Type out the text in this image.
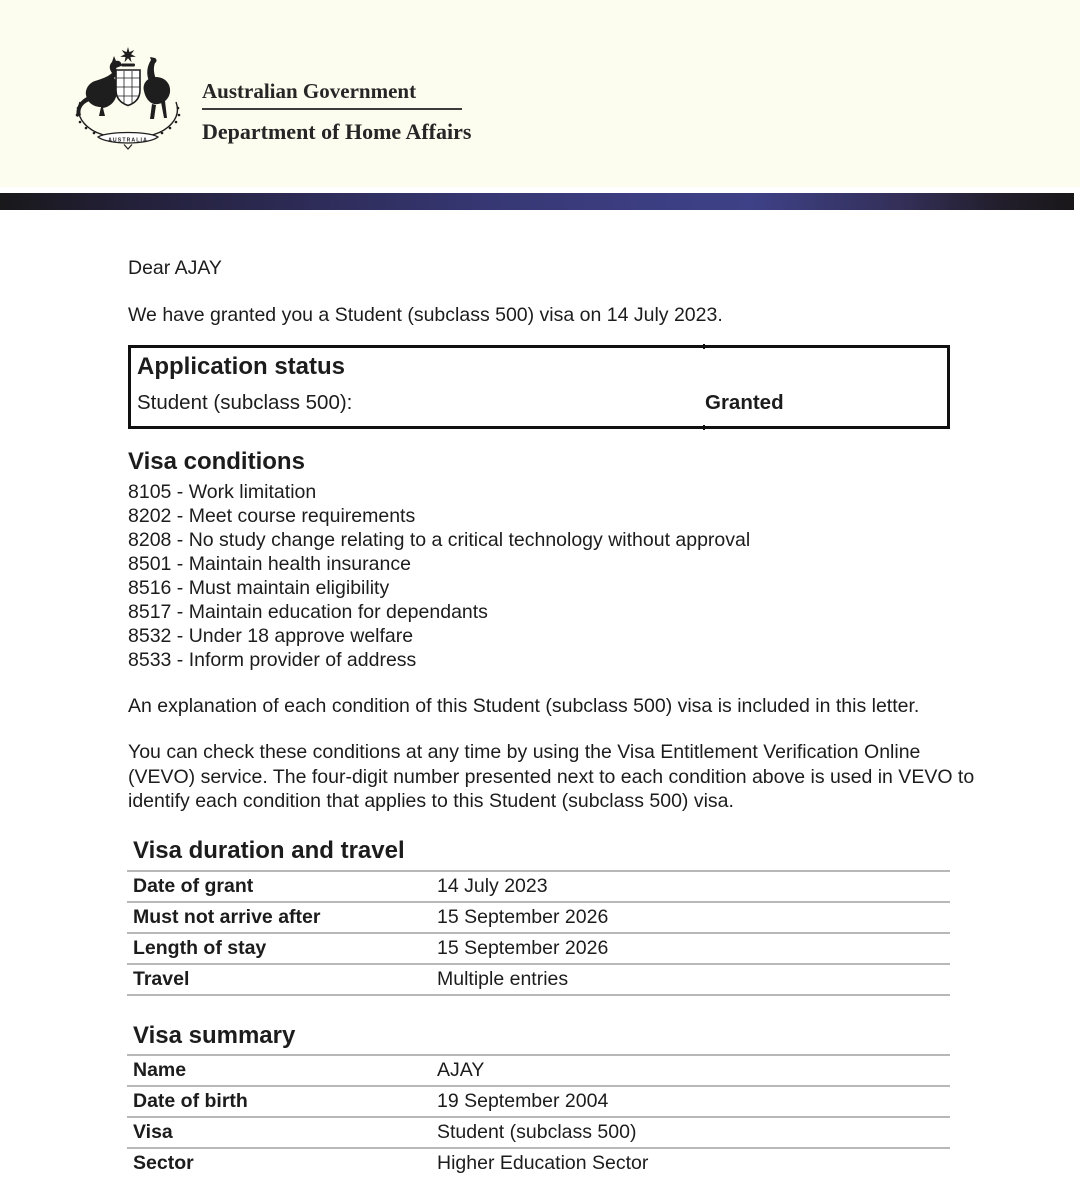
AUSTRALIA
Australian Government
Department of Home Affairs
Dear AJAY
We have granted you a Student (subclass 500) visa on 14 July 2023.
Application status
Student (subclass 500):	Granted
Visa conditions
8105 - Work limitation
8202 - Meet course requirements
8208 - No study change relating to a critical technology without approval
8501 - Maintain health insurance
8516 - Must maintain eligibility
8517 - Maintain education for dependants
8532 - Under 18 approve welfare
8533 - Inform provider of address
An explanation of each condition of this Student (subclass 500) visa is included in this letter.
You can check these conditions at any time by using the Visa Entitlement Verification Online (VEVO) service. The four-digit number presented next to each condition above is used in VEVO to identify each condition that applies to this Student (subclass 500) visa.
Visa duration and travel
Date of grant	14 July 2023
Must not arrive after	15 September 2026
Length of stay	15 September 2026
Travel	Multiple entries
Visa summary
Name	AJAY
Date of birth	19 September 2004
Visa	Student (subclass 500)
Sector	Higher Education Sector
